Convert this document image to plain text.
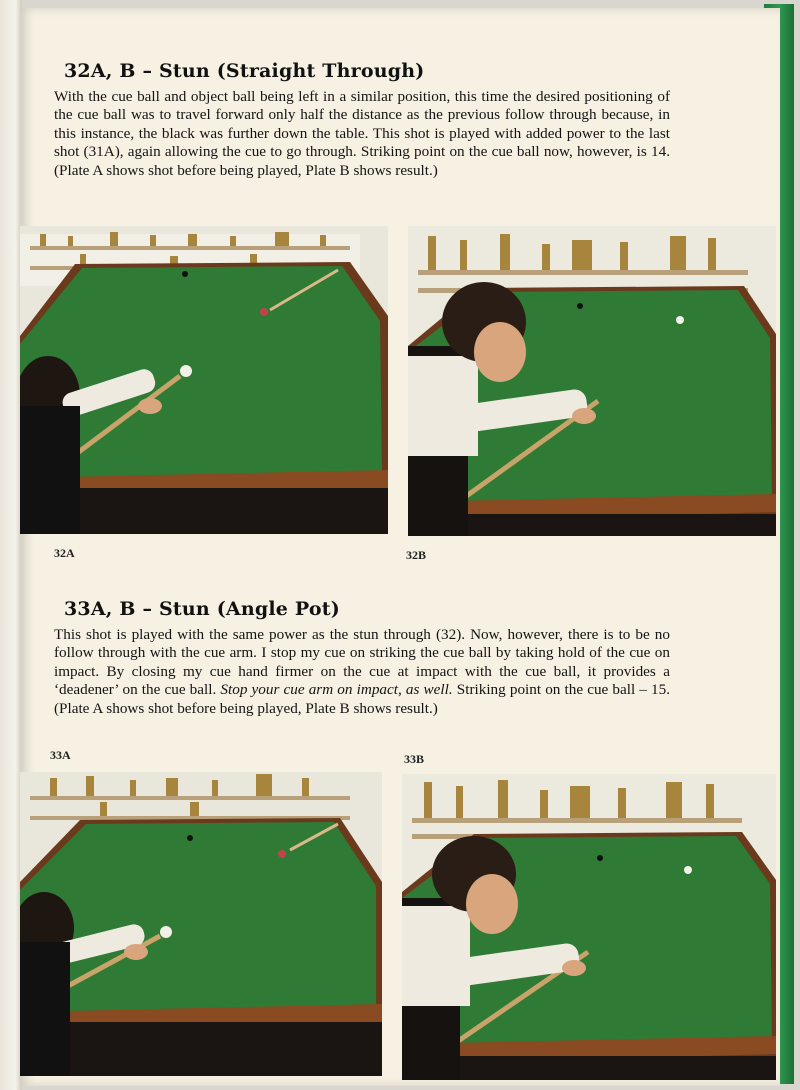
32A, B – Stun (Straight Through)

With the cue ball and object ball being left in a similar position, this time the desired positioning of the cue ball was to travel forward only half the distance as the previous follow through because, in this instance, the black was further down the table. This shot is played with added power to the last shot (31A), again allowing the cue to go through. Striking point on the cue ball now, however, is 14. (Plate A shows shot before being played, Plate B shows result.)

32A	32B

33A, B – Stun (Angle Pot)

This shot is played with the same power as the stun through (32). Now, however, there is to be no follow through with the cue arm. I stop my cue on striking the cue ball by taking hold of the cue on impact. By closing my cue hand firmer on the cue at impact with the cue ball, it provides a ‘deadener’ on the cue ball. Stop your cue arm on impact, as well. Striking point on the cue ball – 15. (Plate A shows shot before being played, Plate B shows result.)

33A	33B
